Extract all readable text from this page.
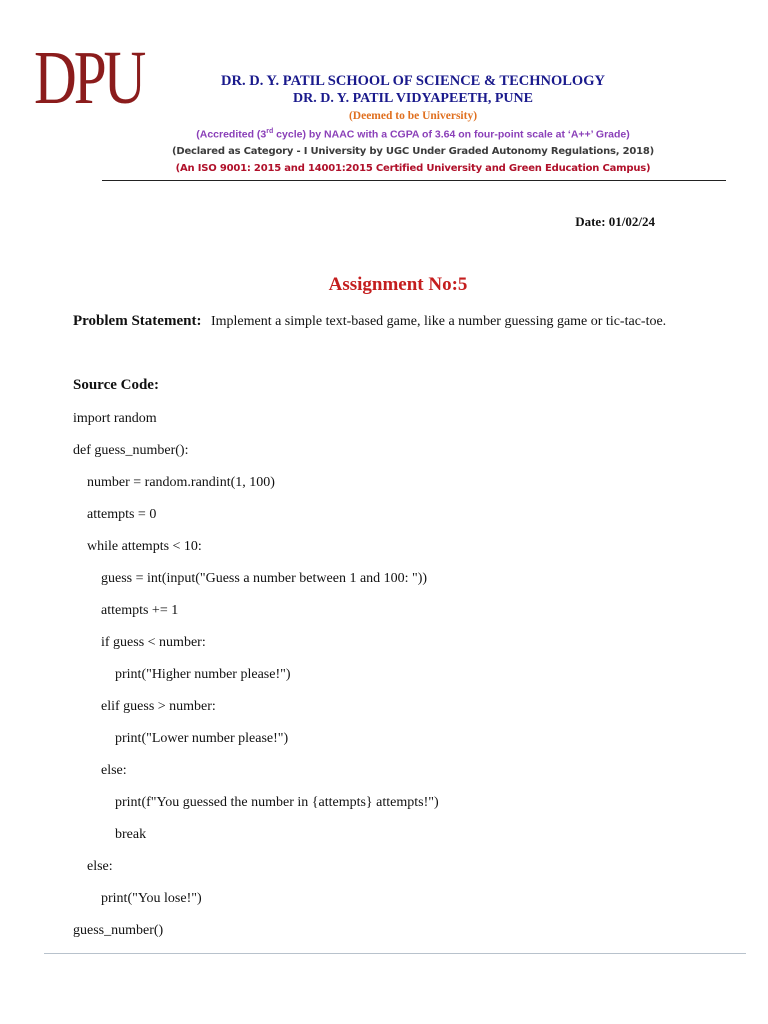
DPU	DR. D. Y. PATIL SCHOOL OF SCIENCE & TECHNOLOGY
DR. D. Y. PATIL VIDYAPEETH, PUNE
(Deemed to be University)
(Accredited (3rd cycle) by NAAC with a CGPA of 3.64 on four-point scale at ‘A++’ Grade)
(Declared as Category - I University by UGC Under Graded Autonomy Regulations, 2018)
(An ISO 9001: 2015 and 14001:2015 Certified University and Green Education Campus)
Date: 01/02/24
Assignment No:5
Problem Statement: Implement a simple text-based game, like a number guessing game or tic-tac-toe.
Source Code:
import random
def guess_number():
number = random.randint(1, 100)
attempts = 0
while attempts < 10:
guess = int(input("Guess a number between 1 and 100: "))
attempts += 1
if guess < number:
print("Higher number please!")
elif guess > number:
print("Lower number please!")
else:
print(f"You guessed the number in {attempts} attempts!")
break
else:
print("You lose!")
guess_number()
